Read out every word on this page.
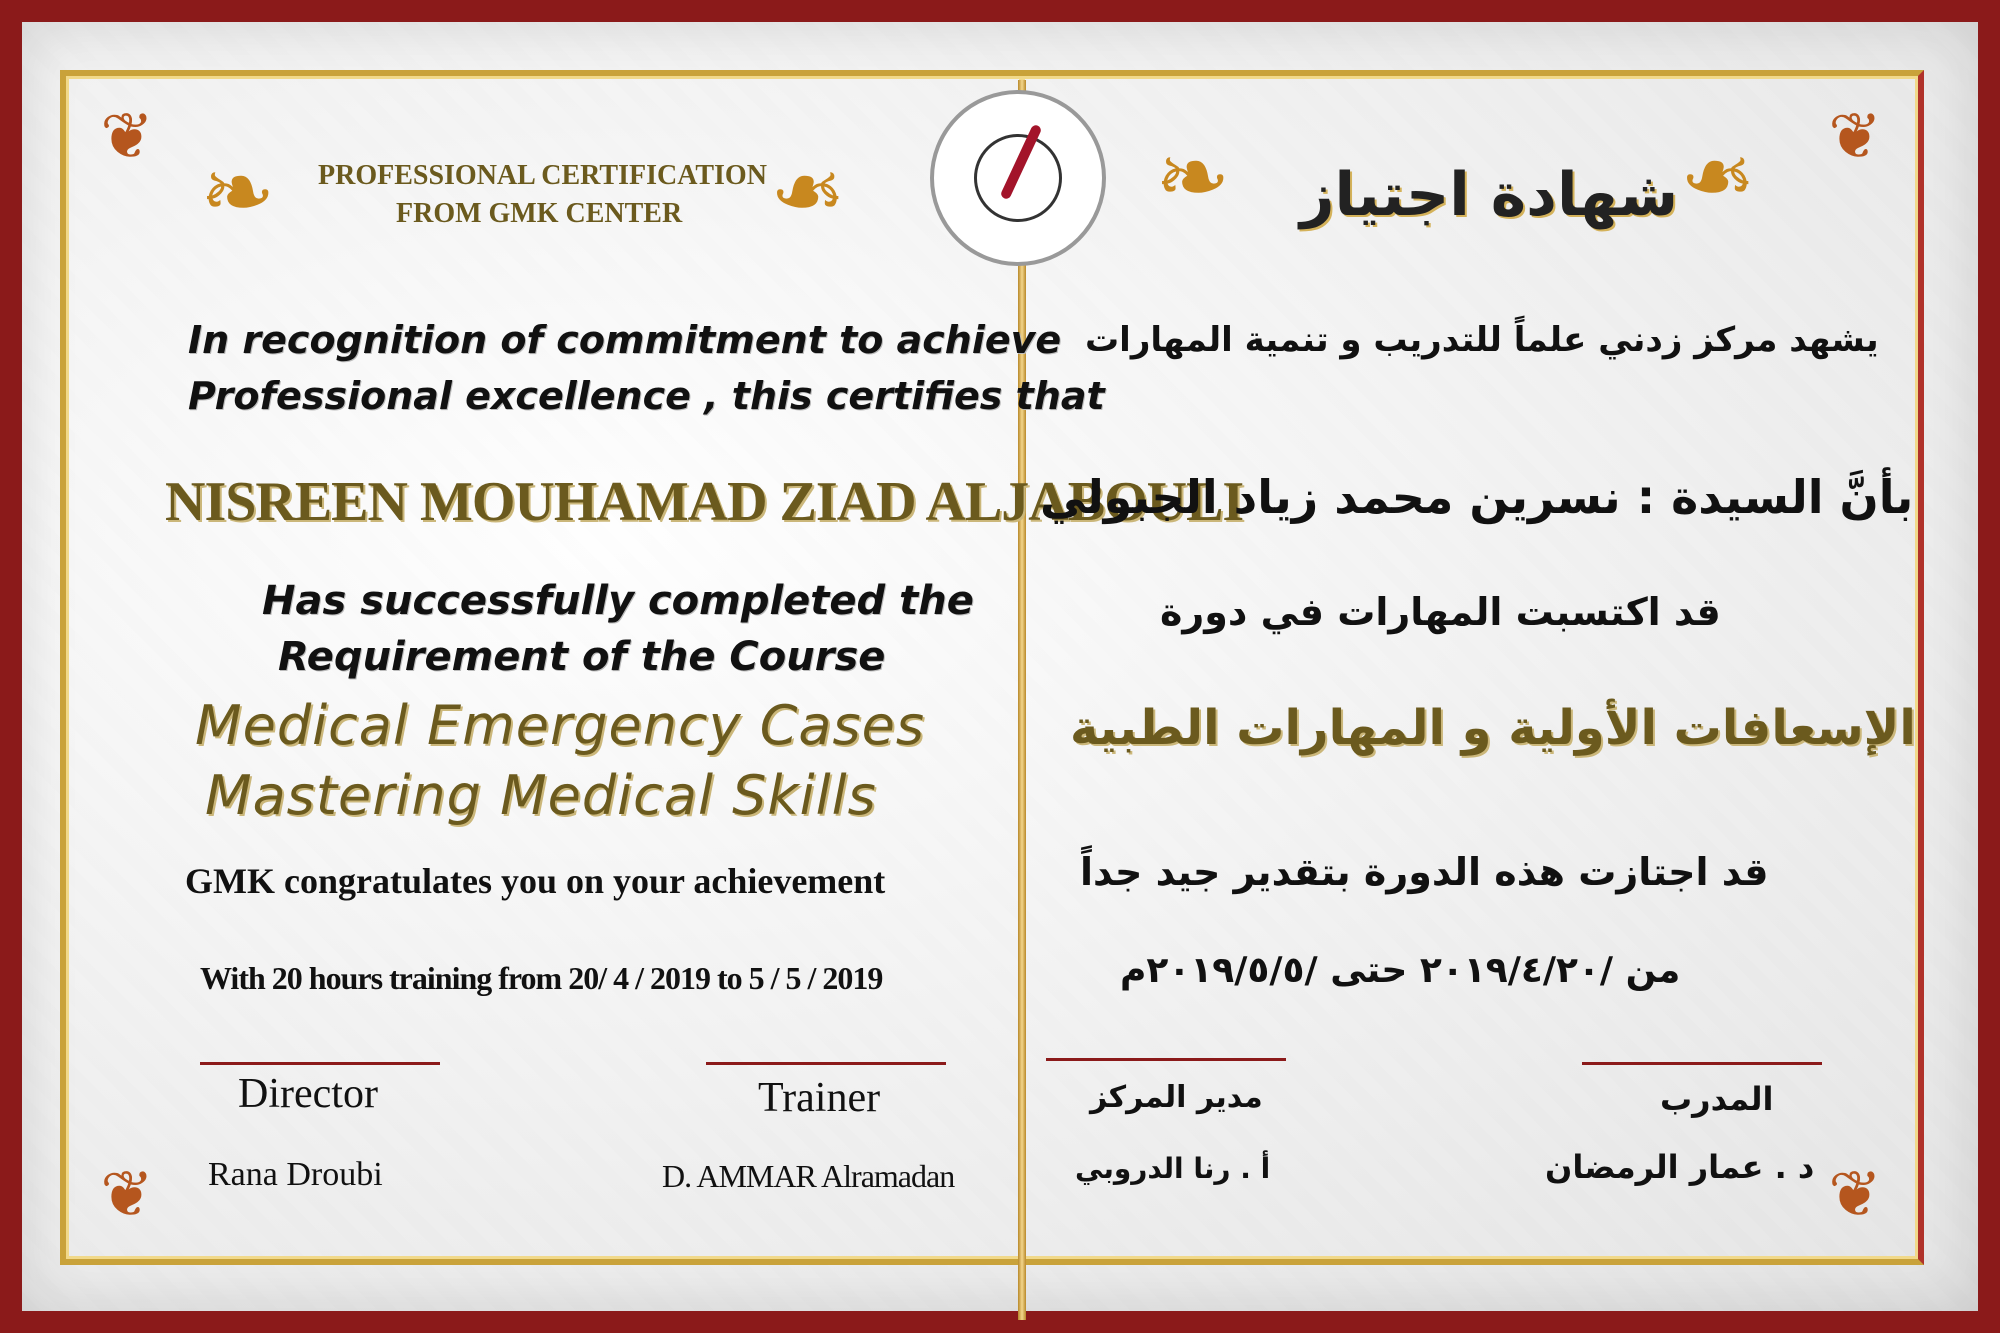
❦	❦
❦	❦
❧	❧	❧	❧
PROFESSIONAL CERTIFICATION
FROM GMK CENTER	شهادة اجتياز
In recognition of commitment to achieve
Professional excellence , this certifies that
NISREEN MOUHAMAD ZIAD ALJABOULI
Has successfully completed the
Requirement of the Course
Medical Emergency Cases
Mastering Medical Skills
GMK congratulates you on your achievement
With 20 hours training from 20/ 4 / 2019 to 5 / 5 / 2019
يشهد مركز زدني علماً للتدريب و تنمية المهارات
بأنَّ السيدة : نسرين محمد زياد الجبولي
قد اكتسبت المهارات في دورة
الإسعافات الأولية و المهارات الطبية
قد اجتازت هذه الدورة بتقدير جيد جداً
من /٢٠١٩/٤/٢٠ حتى /٢٠١٩/٥/٥م
Director
Rana Droubi
Trainer
D. AMMAR Alramadan
مدير المركز
أ . رنا الدروبي
المدرب
د . عمار الرمضان
